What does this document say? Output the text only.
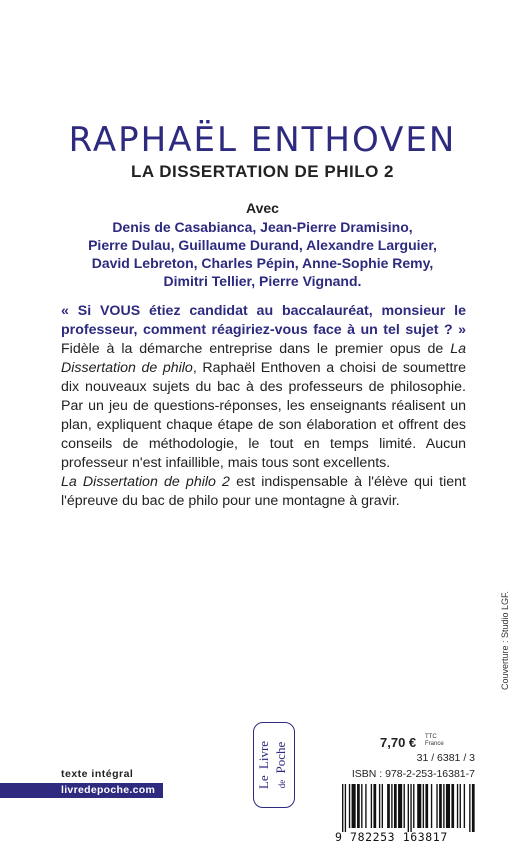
RAPHAËL ENTHOVEN
LA DISSERTATION DE PHILO 2
Avec
Denis de Casabianca, Jean-Pierre Dramisino,
Pierre Dulau, Guillaume Durand, Alexandre Larguier,
David Lebreton, Charles Pépin, Anne-Sophie Remy,
Dimitri Tellier, Pierre Vignand.
« Si VOUS étiez candidat au baccalauréat, monsieur le professeur, comment réagiriez-vous face à un tel sujet ? » Fidèle à la démarche entreprise dans le premier opus de La Dissertation de philo, Raphaël Enthoven a choisi de soumettre dix nouveaux sujets du bac à des professeurs de philosophie. Par un jeu de questions-réponses, les enseignants réalisent un plan, expliquent chaque étape de son élaboration et offrent des conseils de méthodologie, le tout en temps limité. Aucun professeur n'est infaillible, mais tous sont excellents.
La Dissertation de philo 2 est indispensable à l'élève qui tient l'épreuve du bac de philo pour une montagne à gravir.
Couverture : Studio LGF.
texte intégral
livredepoche.com
Le Livre
de Poche	7,70 € TTC
France
31 / 6381 / 3
ISBN : 978-2-253-16381-7
9 782253 163817
